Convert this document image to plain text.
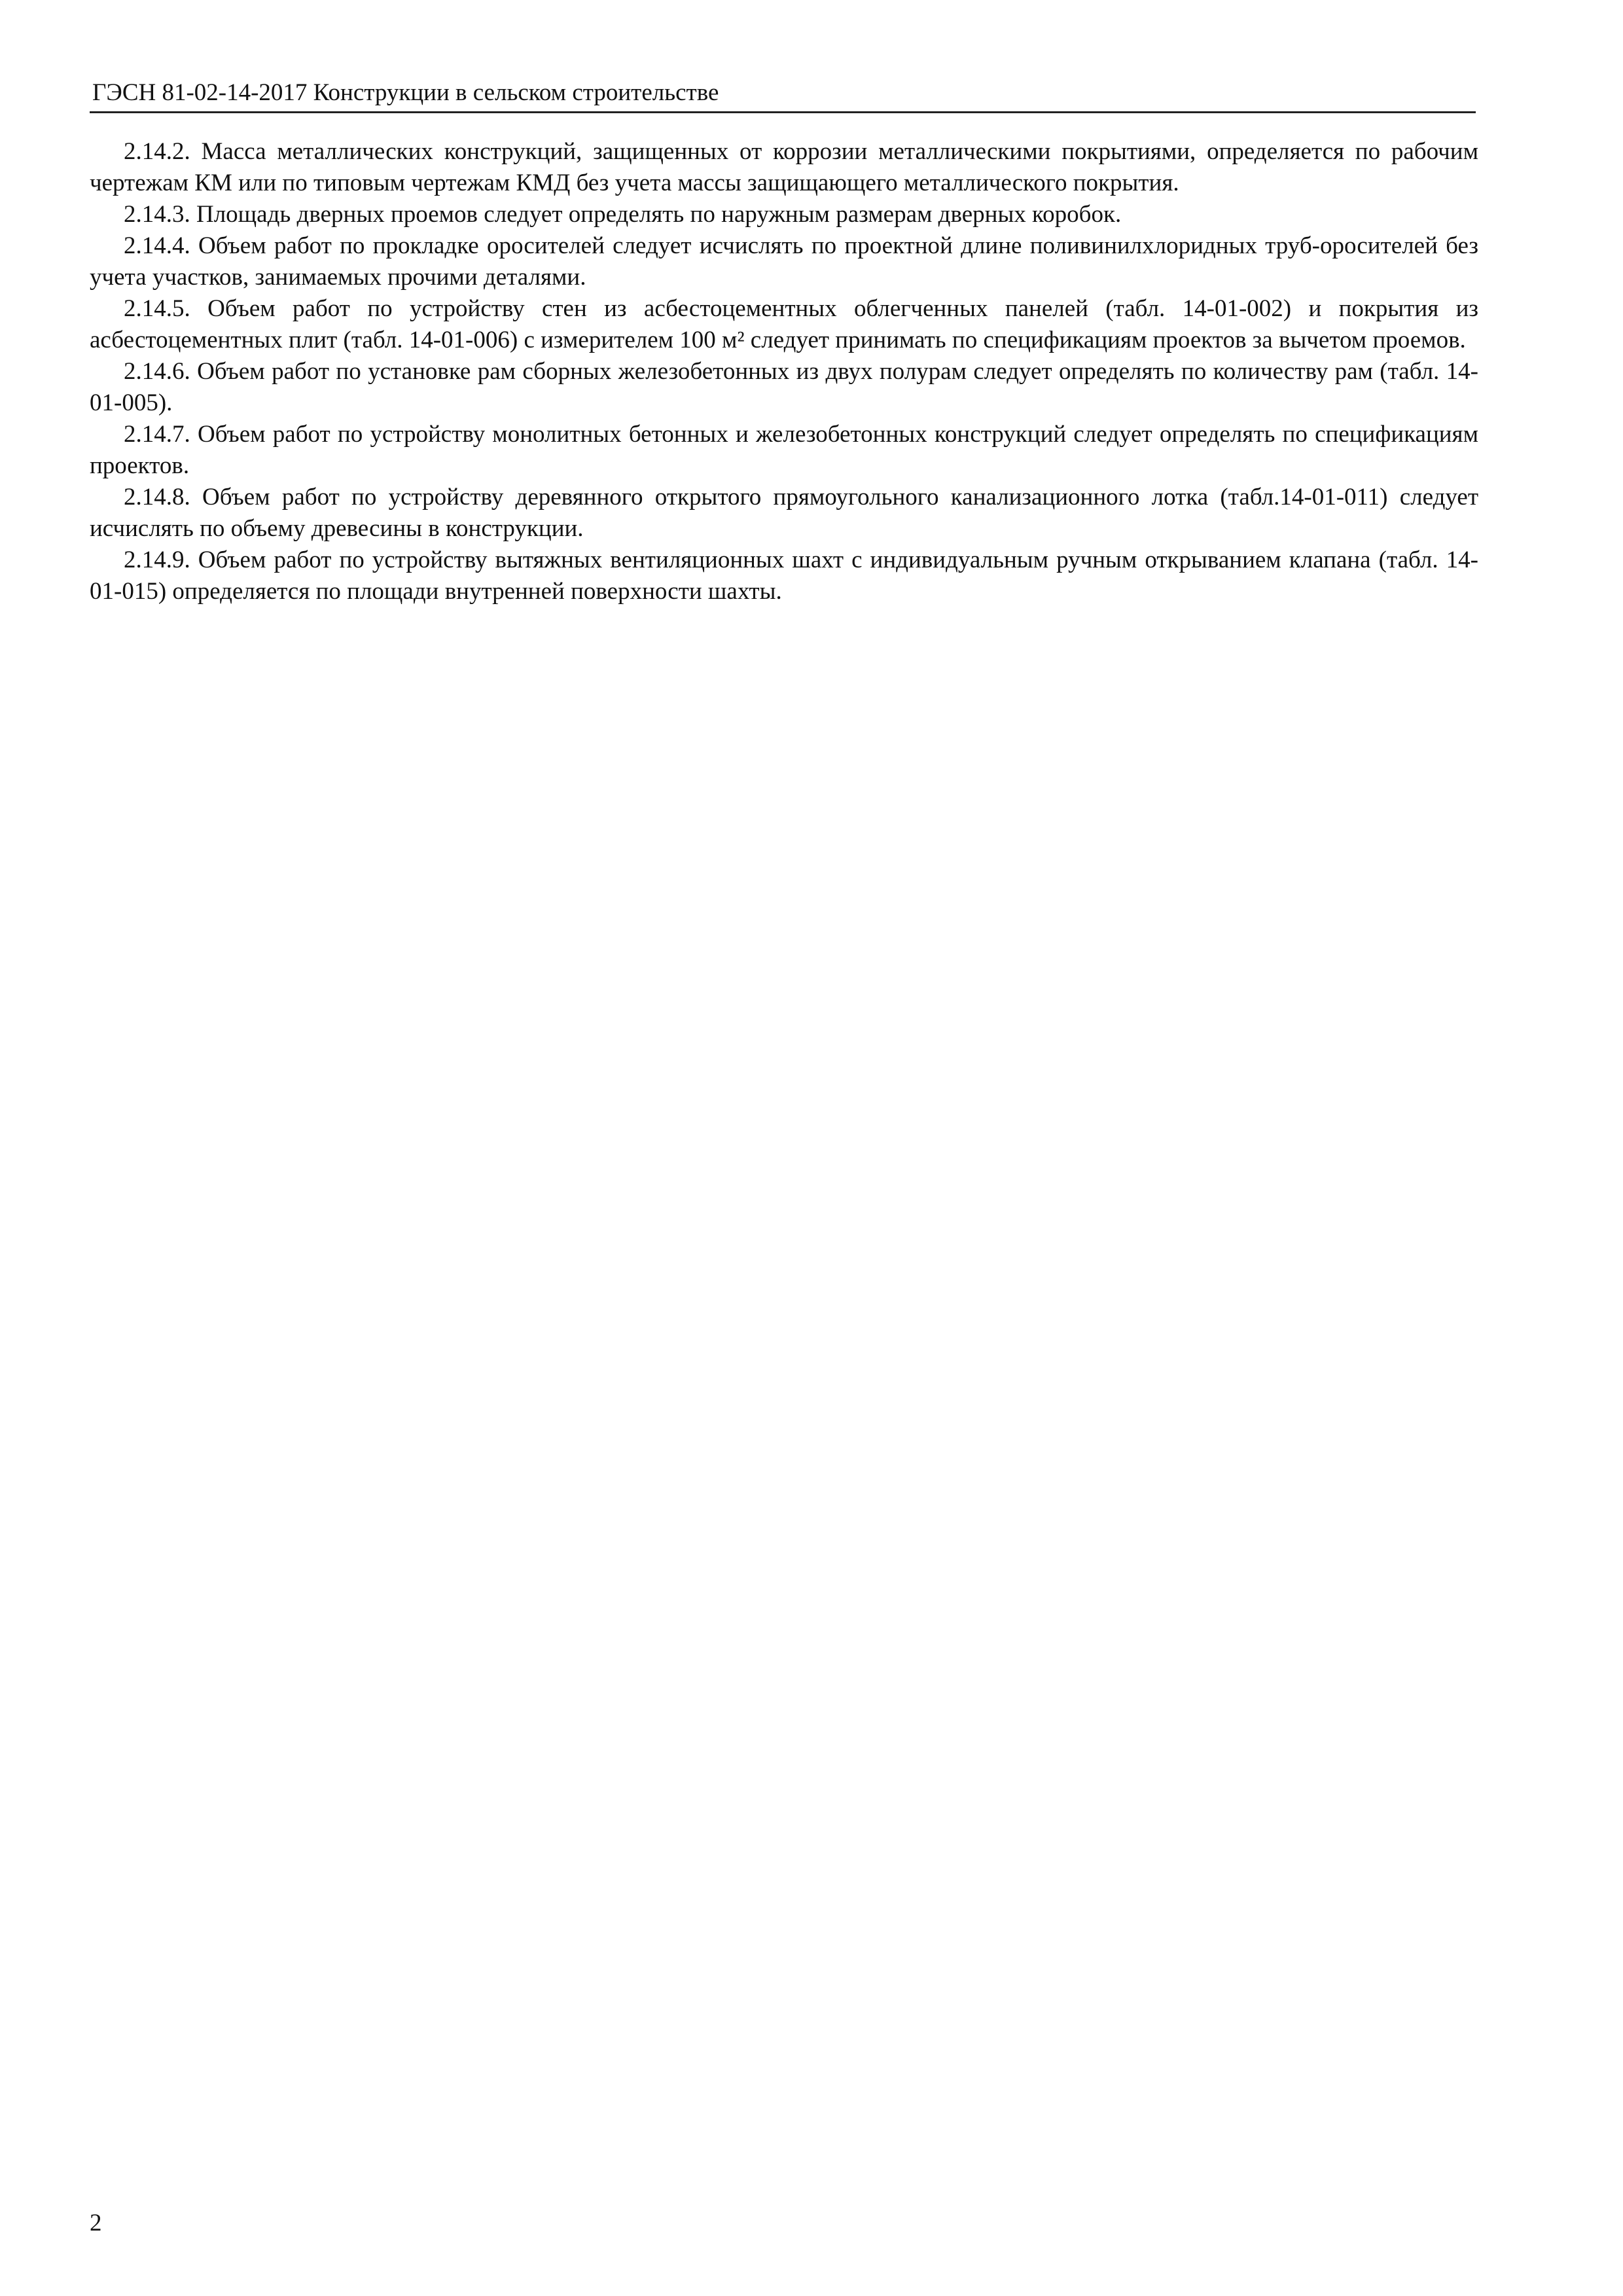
ГЭСН 81-02-14-2017 Конструкции в сельском строительстве

2.14.2. Масса металлических конструкций, защищенных от коррозии металлическими покрытиями, определяется по рабочим чертежам КМ или по типовым чертежам КМД без учета массы защищающего металлического покрытия.

2.14.3. Площадь дверных проемов следует определять по наружным размерам дверных коробок.

2.14.4. Объем работ по прокладке оросителей следует исчислять по проектной длине поливинилхлоридных труб-оросителей без учета участков, занимаемых прочими деталями.

2.14.5. Объем работ по устройству стен из асбестоцементных облегченных панелей (табл. 14-01-002) и покрытия из асбестоцементных плит (табл. 14-01-006) с измерителем 100 м² следует принимать по спецификациям проектов за вычетом проемов.

2.14.6. Объем работ по установке рам сборных железобетонных из двух полурам следует определять по количеству рам (табл. 14-01-005).

2.14.7. Объем работ по устройству монолитных бетонных и железобетонных конструкций следует определять по спецификациям проектов.

2.14.8. Объем работ по устройству деревянного открытого прямоугольного канализационного лотка (табл.14-01-011) следует исчислять по объему древесины в конструкции.

2.14.9. Объем работ по устройству вытяжных вентиляционных шахт с индивидуальным ручным открыванием клапана (табл. 14-01-015) определяется по площади внутренней поверхности шахты.

2
